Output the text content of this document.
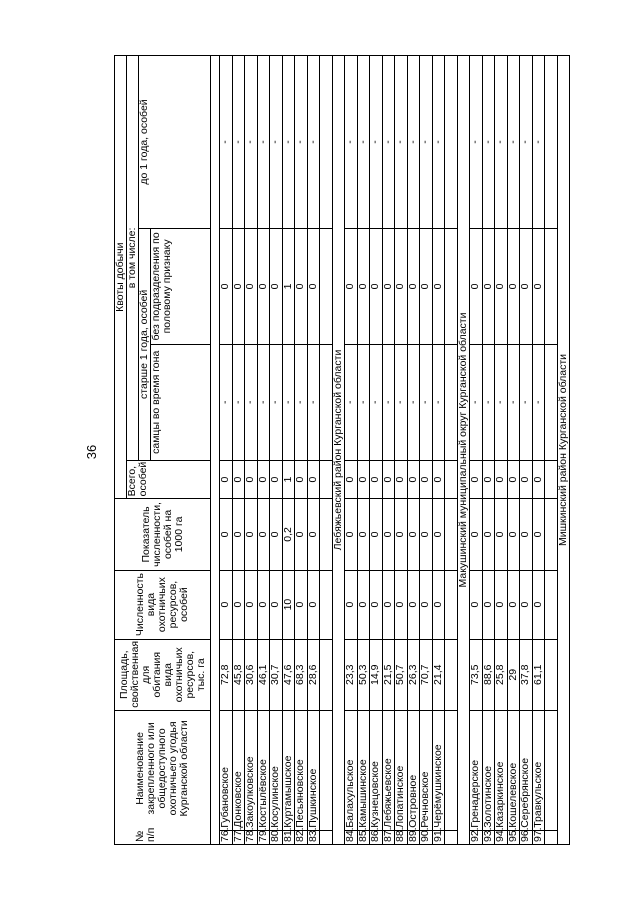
36
№ п/п
Наименование закрепленного или общедоступного охотничьего угодья Курганской области		Площадь, свойственная для обитания вида охотничьих ресурсов, тыс. га	Численность вида охотничьих ресурсов, особей	Показатель численности, особей на 1000 га	Квоты добычи			
					Всего, особей	в том числе:		
						старше 1 года, особей		до 1 года, особей
						самцы во время гона	без подразделения по половому признаку	

76.	Губановское	72,8	0	0	0	-	0	-
77.	Донковское	45,8	0	0	0	-	0	-
78.	Закоулковское	30,6	0	0	0	-	0	-
79.	Костылёвское	46,1	0	0	0	-	0	-
80.	Косулинское	30,7	0	0	0	-	0	-
81.	Куртамышское	47,6	10	0,2	1	-	1	-
82.	Песьяновское	68,3	0	0	0	-	0	-
83.	Пушкинское	28,6	0	0	0	-	0	-

Лебяжьевский район Курганской области								
84.	Балахульское	23,3	0	0	0	-	0	-
85.	Камышинское	50,3	0	0	0	-	0	-
86.	Кузнецовское	14,9	0	0	0	-	0	-
87.	Лебяжьевское	21,5	0	0	0	-	0	-
88.	Лопатинское	50,7	0	0	0	-	0	-
89.	Островное	26,3	0	0	0	-	0	-
90.	Речновское	70,7	0	0	0	-	0	-
91.	Черёмушкинское	21,4	0	0	0	-	0	-

Макушинский муниципальный округ Курганской области								
92.	Гренадерское	73,5	0	0	0	-	0	-
93.	Золотинское	88,6	0	0	0	-	0	-
94.	Казаркинское	25,8	0	0	0	-	0	-
95.	Кошелевское	29	0	0	0	-	0	-
96.	Серебрянское	37,8	0	0	0	-	0	-
97.	Травкульское	61,1	0	0	0	-	0	-

Мишкинский район Курганской области								
